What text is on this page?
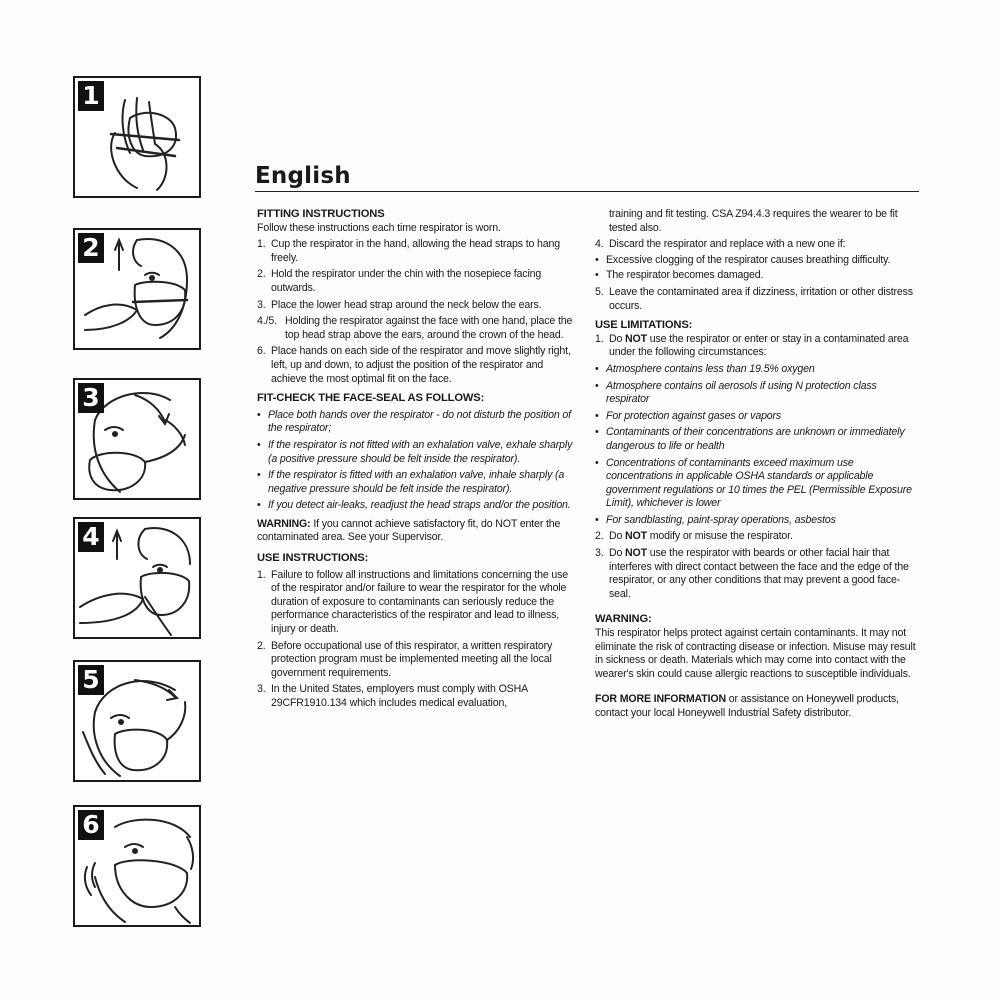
1
2
3
4
5
6
English
FITTING INSTRUCTIONS
Follow these instructions each time respirator is worn.
1. Cup the respirator in the hand, allowing the head straps to hang freely.
2. Hold the respirator under the chin with the nosepiece facing outwards.
3. Place the lower head strap around the neck below the ears.
4./5. Holding the respirator against the face with one hand, place the top head strap above the ears, around the crown of the head.
6. Place hands on each side of the respirator and move slightly right, left, up and down, to adjust the position of the respirator and achieve the most optimal fit on the face.
FIT-CHECK THE FACE-SEAL AS FOLLOWS:
• Place both hands over the respirator - do not disturb the position of the respirator;
• If the respirator is not fitted with an exhalation valve, exhale sharply (a positive pressure should be felt inside the respirator).
• If the respirator is fitted with an exhalation valve, inhale sharply (a negative pressure should be felt inside the respirator).
• If you detect air-leaks, readjust the head straps and/or the position.
WARNING: If you cannot achieve satisfactory fit, do NOT enter the contaminated area. See your Supervisor.
USE INSTRUCTIONS:
1. Failure to follow all instructions and limitations concerning the use of the respirator and/or failure to wear the respirator for the whole duration of exposure to contaminants can seriously reduce the performance characteristics of the respirator and lead to illness, injury or death.
2. Before occupational use of this respirator, a written respiratory protection program must be implemented meeting all the local government requirements.
3. In the United States, employers must comply with OSHA 29CFR1910.134 which includes medical evaluation,
training and fit testing. CSA Z94.4.3 requires the wearer to be fit tested also.
4. Discard the respirator and replace with a new one if:
• Excessive clogging of the respirator causes breathing difficulty.
• The respirator becomes damaged.
5. Leave the contaminated area if dizziness, irritation or other distress occurs.
USE LIMITATIONS:
1. Do NOT use the respirator or enter or stay in a contaminated area under the following circumstances:
• Atmosphere contains less than 19.5% oxygen
• Atmosphere contains oil aerosols if using N protection class respirator
• For protection against gases or vapors
• Contaminants of their concentrations are unknown or immediately dangerous to life or health
• Concentrations of contaminants exceed maximum use concentrations in applicable OSHA standards or applicable government regulations or 10 times the PEL (Permissible Exposure Limit), whichever is lower
• For sandblasting, paint-spray operations, asbestos
2. Do NOT modify or misuse the respirator.
3. Do NOT use the respirator with beards or other facial hair that interferes with direct contact between the face and the edge of the respirator, or any other conditions that may prevent a good face-seal.
WARNING:
This respirator helps protect against certain contaminants. It may not eliminate the risk of contracting disease or infection. Misuse may result in sickness or death. Materials which may come into contact with the wearer's skin could cause allergic reactions to susceptible individuals.
FOR MORE INFORMATION or assistance on Honeywell products, contact your local Honeywell Industrial Safety distributor.
